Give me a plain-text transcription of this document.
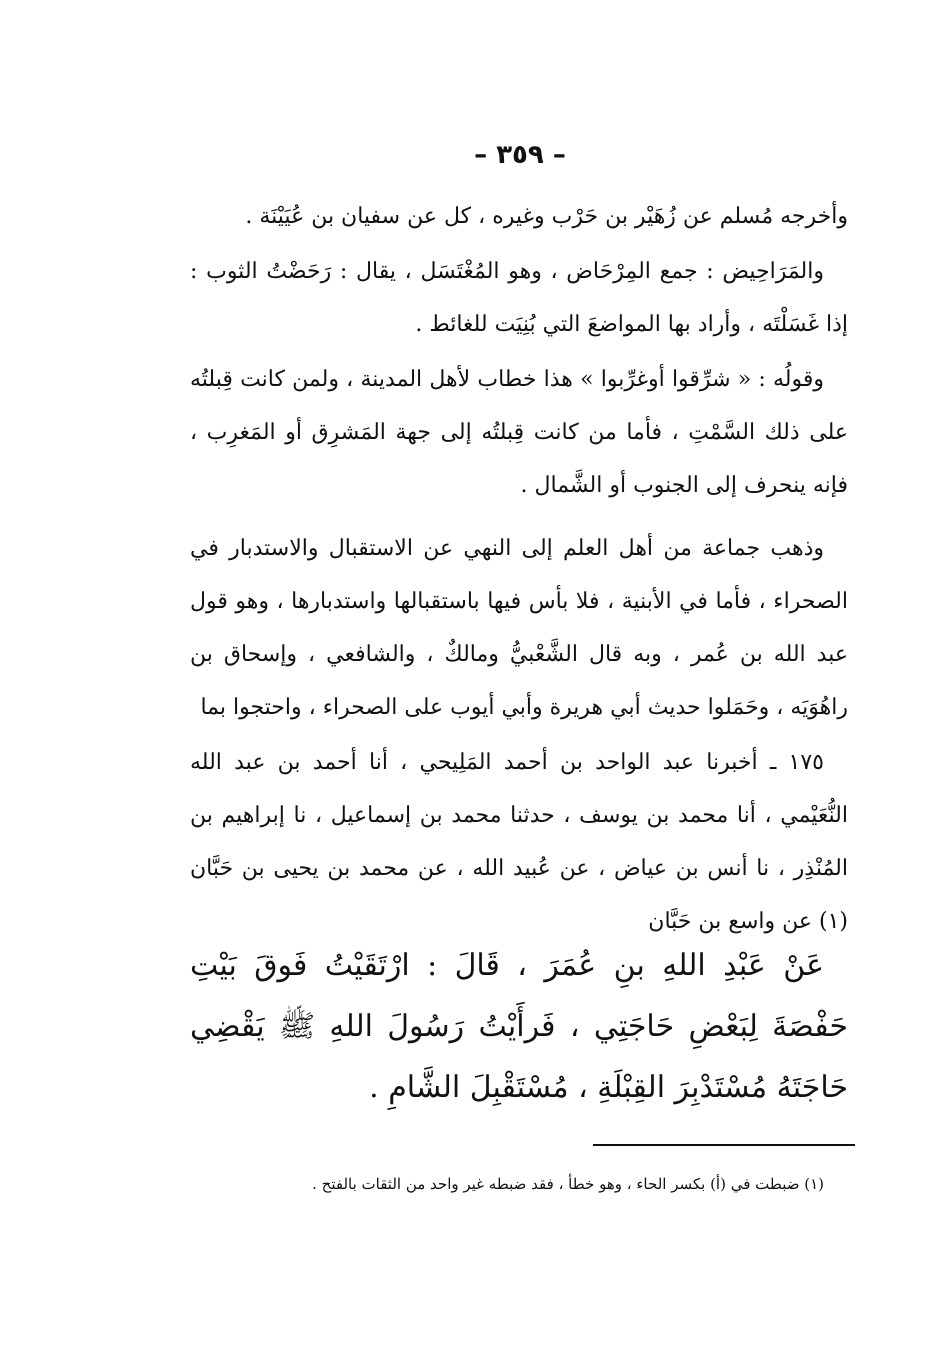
– ٣٥٩ –

وأخرجه مُسلم عن زُهَيْر بن حَرْب وغيره ، كل عن سفيان بن عُيَيْنَة .

والمَرَاحِيض : جمع المِرْحَاض ، وهو المُغْتَسَل ، يقال : رَحَضْتُ الثوب : إذا غَسَلْتَه ، وأراد بها المواضعَ التي بُنِيَت للغائط .

وقولُه : « شرِّقوا أوغرِّبوا » هذا خطاب لأهل المدينة ، ولمن كانت قِبلتُه على ذلك السَّمْتِ ، فأما من كانت قِبلتُه إلى جهة المَشرِق أو المَغرِب ، فإنه ينحرف إلى الجنوب أو الشَّمال .

وذهب جماعة من أهل العلم إلى النهي عن الاستقبال والاستدبار في الصحراء ، فأما في الأبنية ، فلا بأس فيها باستقبالها واستدبارها ، وهو قول عبد الله بن عُمر ، وبه قال الشَّعْبيُّ ومالكٌ ، والشافعي ، وإسحاق بن راهُوَيَه ، وحَمَلوا حديث أبي هريرة وأبي أيوب على الصحراء ، واحتجوا بما

١٧٥ ـ أخبرنا عبد الواحد بن أحمد المَلِيحي ، أنا أحمد بن عبد الله النُّعَيْمي ، أنا محمد بن يوسف ، حدثنا محمد بن إسماعيل ، نا إبراهيم بن المُنْذِر ، نا أنس بن عياض ، عن عُبيد الله ، عن محمد بن يحيى بن حَبَّان (١) عن واسع بن حَبَّان

عَنْ عَبْدِ اللهِ بنِ عُمَرَ ، قَالَ : ارْتَقَيْتُ فَوقَ بَيْتِ حَفْصَةَ لِبَعْضِ حَاجَتِي ، فَرأَيْتُ رَسُولَ اللهِ ﷺ يَقْضِي حَاجَتَهُ مُسْتَدْبِرَ القِبْلَةِ ، مُسْتَقْبِلَ الشَّامِ .

(١) ضبطت في (أ) بكسر الحاء ، وهو خطأ ، فقد ضبطه غير واحد من الثقات بالفتح .
